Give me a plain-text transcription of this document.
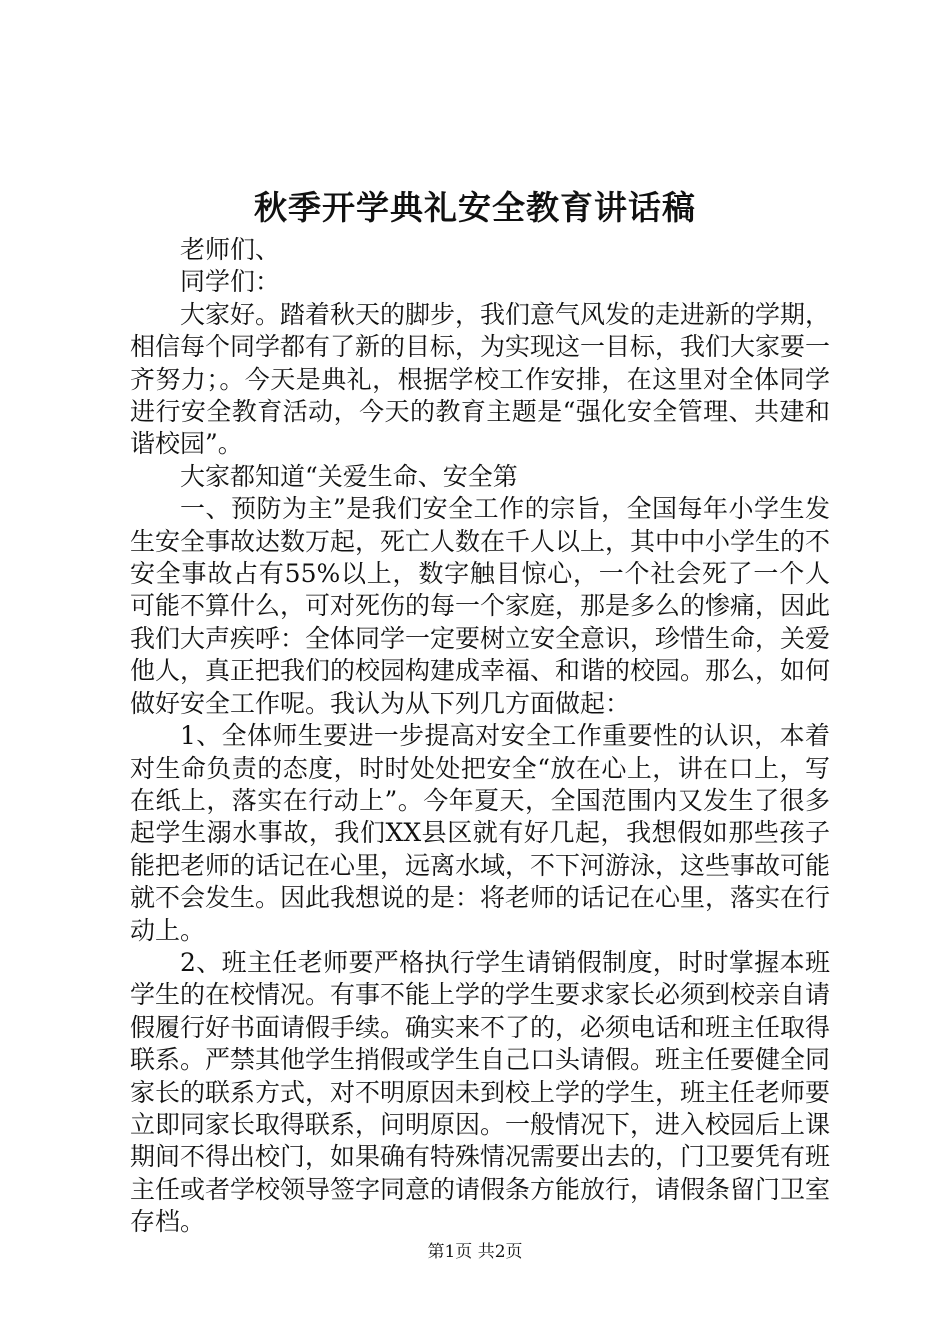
秋季开学典礼安全教育讲话稿

老师们、

同学们：

大家好。踏着秋天的脚步，我们意气风发的走进新的学期，相信每个同学都有了新的目标，为实现这一目标，我们大家要一齐努力；。今天是典礼，根据学校工作安排，在这里对全体同学进行安全教育活动，今天的教育主题是“强化安全管理、共建和谐校园”。

大家都知道“关爱生命、安全第

一、预防为主”是我们安全工作的宗旨，全国每年小学生发生安全事故达数万起，死亡人数在千人以上，其中中小学生的不安全事故占有55%以上，数字触目惊心，一个社会死了一个人可能不算什么，可对死伤的每一个家庭，那是多么的惨痛，因此我们大声疾呼：全体同学一定要树立安全意识，珍惜生命，关爱他人，真正把我们的校园构建成幸福、和谐的校园。那么，如何做好安全工作呢。我认为从下列几方面做起：

1、全体师生要进一步提高对安全工作重要性的认识，本着对生命负责的态度，时时处处把安全“放在心上，讲在口上，写在纸上，落实在行动上”。今年夏天，全国范围内又发生了很多起学生溺水事故，我们XX县区就有好几起，我想假如那些孩子能把老师的话记在心里，远离水域，不下河游泳，这些事故可能就不会发生。因此我想说的是：将老师的话记在心里，落实在行动上。

2、班主任老师要严格执行学生请销假制度，时时掌握本班学生的在校情况。有事不能上学的学生要求家长必须到校亲自请假履行好书面请假手续。确实来不了的，必须电话和班主任取得联系。严禁其他学生捎假或学生自己口头请假。班主任要健全同家长的联系方式，对不明原因未到校上学的学生，班主任老师要立即同家长取得联系，问明原因。一般情况下，进入校园后上课期间不得出校门，如果确有特殊情况需要出去的，门卫要凭有班主任或者学校领导签字同意的请假条方能放行，请假条留门卫室存档。

第1页 共2页
